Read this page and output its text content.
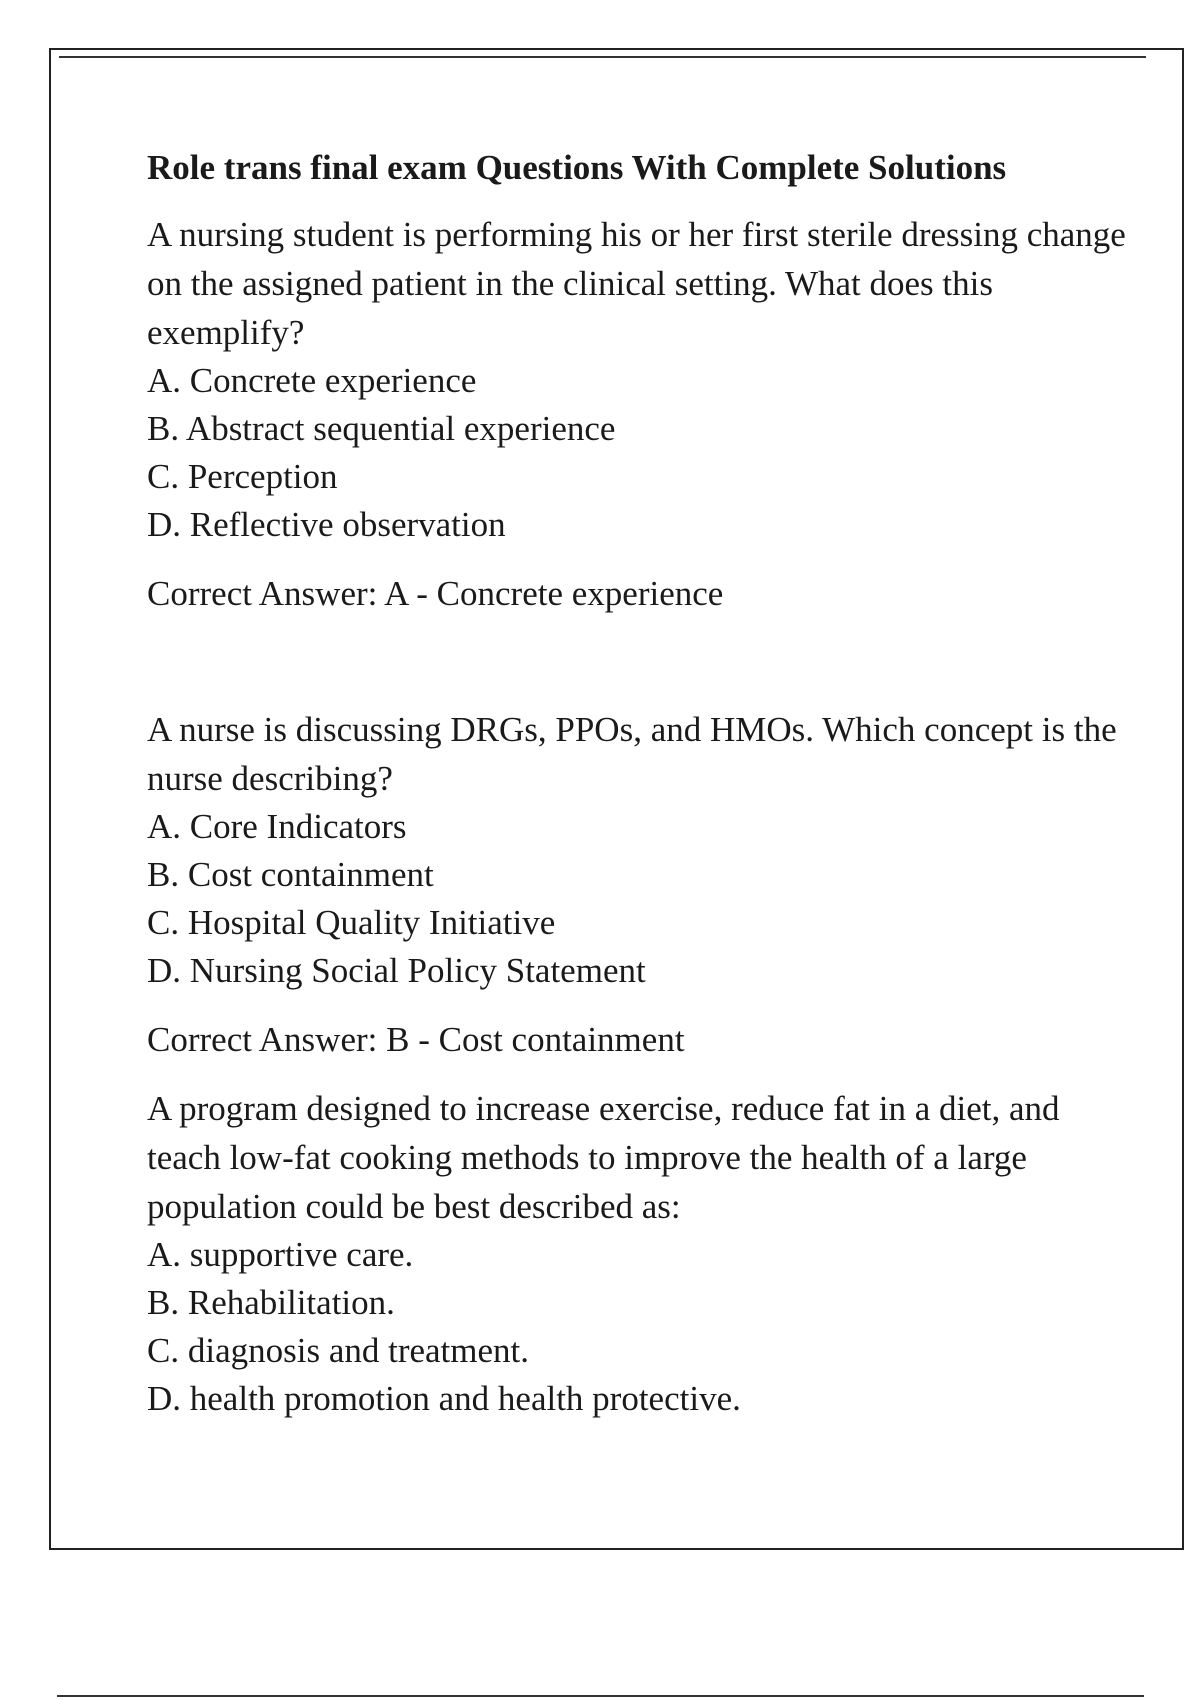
Role trans final exam Questions With Complete Solutions

A nursing student is performing his or her first sterile dressing change on the assigned patient in the clinical setting. What does this exemplify?

A. Concrete experience

B. Abstract sequential experience

C. Perception

D. Reflective observation

Correct Answer: A - Concrete experience

A nurse is discussing DRGs, PPOs, and HMOs. Which concept is the nurse describing?

A. Core Indicators

B. Cost containment

C. Hospital Quality Initiative

D. Nursing Social Policy Statement

Correct Answer: B - Cost containment

A program designed to increase exercise, reduce fat in a diet, and teach low-fat cooking methods to improve the health of a large population could be best described as:

A. supportive care.

B. Rehabilitation.

C. diagnosis and treatment.

D. health promotion and health protective.
